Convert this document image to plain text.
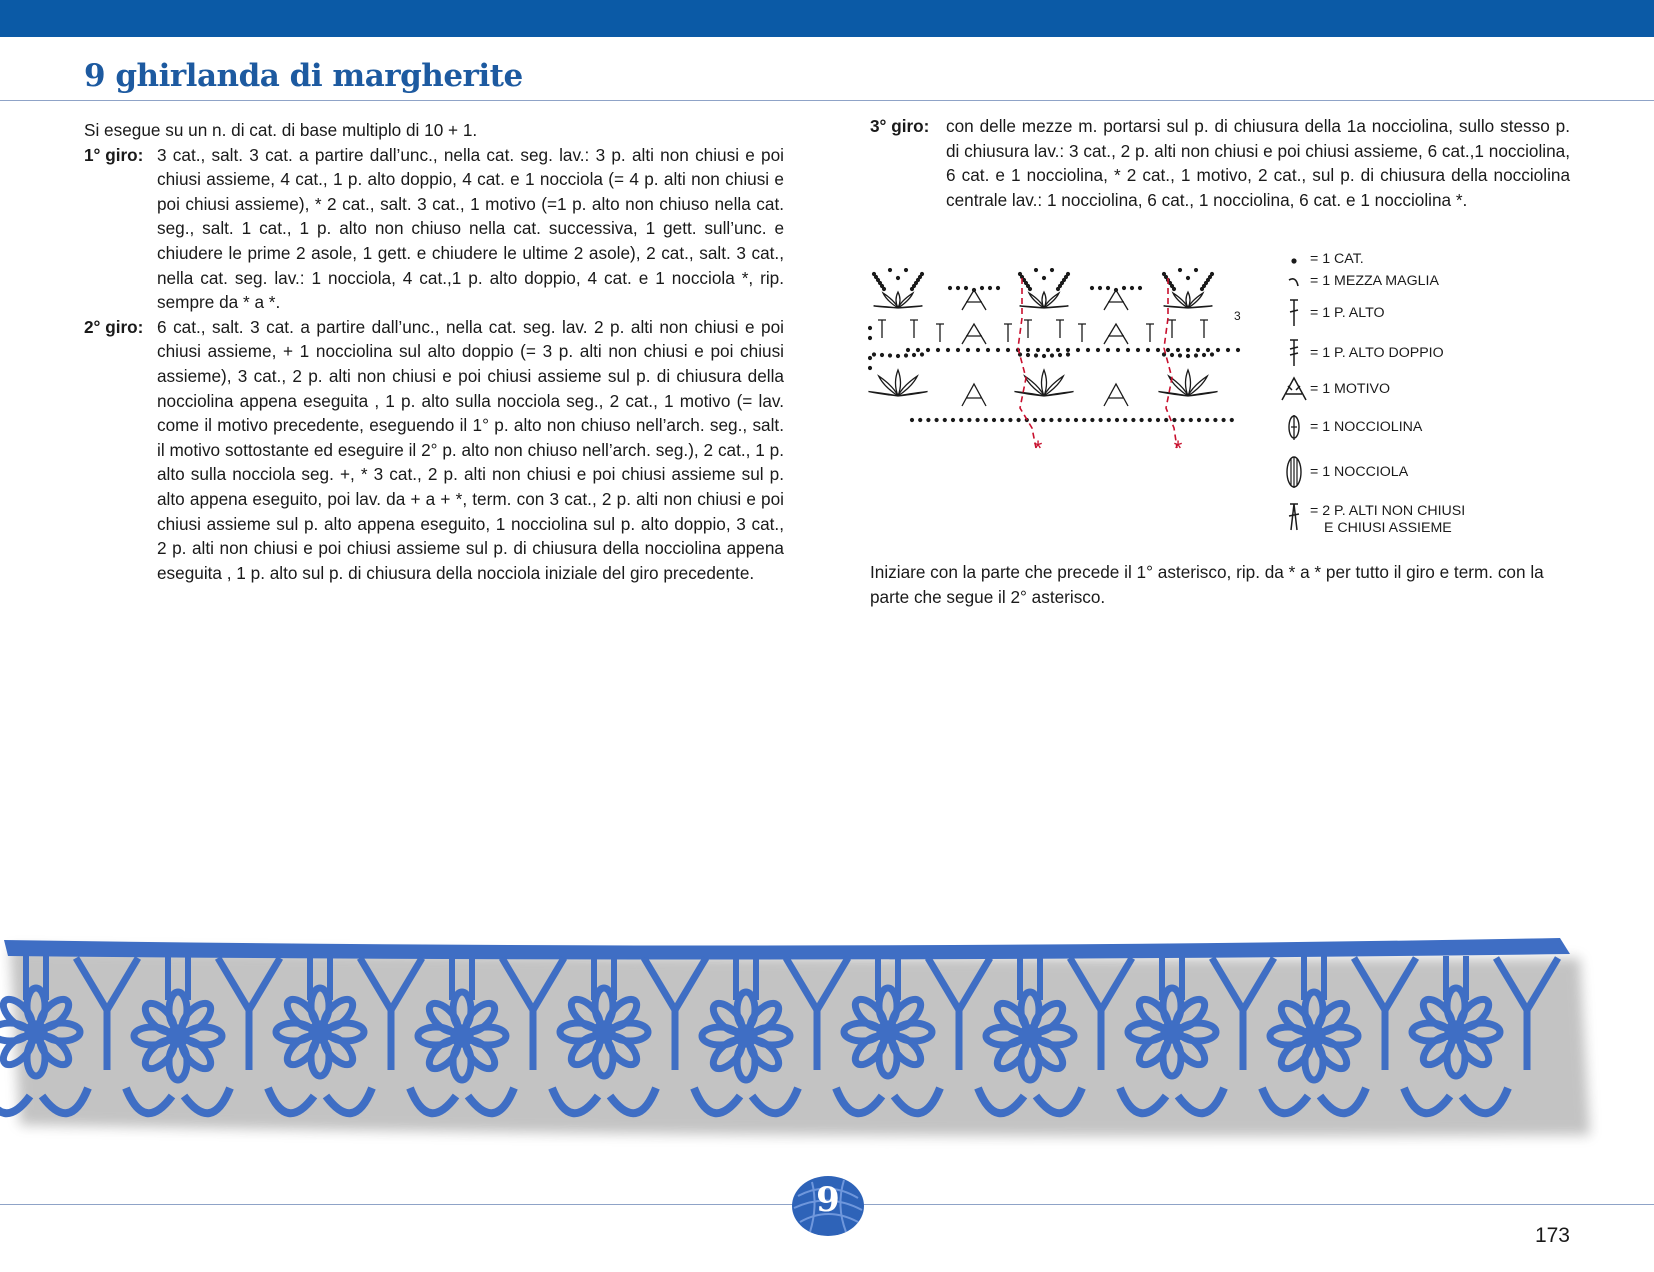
9 ghirlanda di margherite

Si esegue su un n. di cat. di base multiplo di 10 + 1.

1° giro: 3 cat., salt. 3 cat. a partire dall’unc., nella cat. seg. lav.: 3 p. alti non chiusi e poi chiusi assieme, 4 cat., 1 p. alto doppio, 4 cat. e 1 nocciola (= 4 p. alti non chiusi e poi chiusi assieme), * 2 cat., salt. 3 cat., 1 motivo (=1 p. alto non chiuso nella cat. seg., salt. 1 cat., 1 p. alto non chiuso nella cat. successiva, 1 gett. sull’unc. e chiudere le prime 2 asole, 1 gett. e chiudere le ultime 2 asole), 2 cat., salt. 3 cat., nella cat. seg. lav.: 1 nocciola, 4 cat.,1 p. alto doppio, 4 cat. e 1 nocciola *, rip. sempre da * a *.
2° giro: 6 cat., salt. 3 cat. a partire dall’unc., nella cat. seg. lav. 2 p. alti non chiusi e poi chiusi assieme, + 1 nocciolina sul alto doppio (= 3 p. alti non chiusi e poi chiusi assieme), 3 cat., 2 p. alti non chiusi e poi chiusi assieme sul p. di chiusura della nocciolina appena eseguita , 1 p. alto sulla nocciola seg., 2 cat., 1 motivo (= lav. come il motivo precedente, eseguendo il 1° p. alto non chiuso nell’arch. seg., salt. il motivo sottostante ed eseguire il 2° p. alto non chiuso nell’arch. seg.), 2 cat., 1 p. alto sulla nocciola seg. +, * 3 cat., 2 p. alti non chiusi e poi chiusi assieme sul p. alto appena eseguito, poi lav. da + a + *, term. con 3 cat., 2 p. alti non chiusi e poi chiusi assieme sul p. alto appena eseguito, 1 nocciolina sul p. alto doppio, 3 cat., 2 p. alti non chiusi e poi chiusi assieme sul p. di chiusura della nocciolina appena eseguita , 1 p. alto sul p. di chiusura della nocciola iniziale del giro precedente.
3° giro: con delle mezze m. portarsi sul p. di chiusura della 1a nocciolina, sullo stesso p. di chiusura lav.: 3 cat., 2 p. alti non chiusi e poi chiusi assieme, 6 cat.,1 nocciolina, 6 cat. e 1 nocciolina, * 2 cat., 1 motivo, 2 cat., sul p. di chiusura della nocciolina centrale lav.: 1 nocciolina, 6 cat., 1 nocciolina, 6 cat. e 1 nocciolina *.
*	*
3
= 1 CAT.
= 1 MEZZA MAGLIA
= 1 P. ALTO
= 1 P. ALTO DOPPIO
= 1 MOTIVO
= 1 NOCCIOLINA
= 1 NOCCIOLA
= 2 P. ALTI NON CHIUSI
E CHIUSI ASSIEME
Iniziare con la parte che precede il 1° asterisco, rip. da * a * per tutto il giro e term. con la parte che segue il 2° asterisco.
9
173
